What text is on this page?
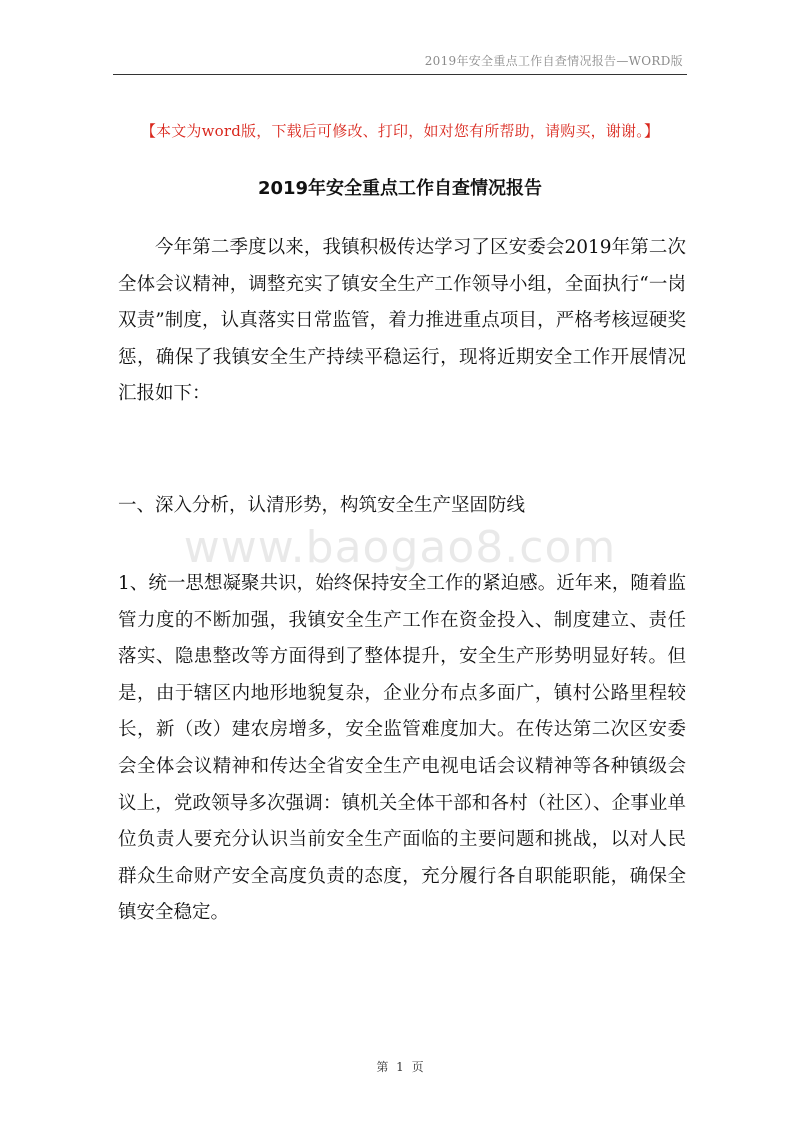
2019年安全重点工作自查情况报告—WORD版
【本文为word版，下载后可修改、打印，如对您有所帮助，请购买，谢谢。】
2019年安全重点工作自查情况报告
今年第二季度以来，我镇积极传达学习了区安委会2019年第二次全体会议精神，调整充实了镇安全生产工作领导小组，全面执行“一岗双责”制度，认真落实日常监管，着力推进重点项目，严格考核逗硬奖惩，确保了我镇安全生产持续平稳运行，现将近期安全工作开展情况汇报如下：
一、深入分析，认清形势，构筑安全生产坚固防线
www.baogao8.com
1、统一思想凝聚共识，始终保持安全工作的紧迫感。近年来，随着监管力度的不断加强，我镇安全生产工作在资金投入、制度建立、责任落实、隐患整改等方面得到了整体提升，安全生产形势明显好转。但是，由于辖区内地形地貌复杂，企业分布点多面广，镇村公路里程较长，新（改）建农房增多，安全监管难度加大。在传达第二次区安委会全体会议精神和传达全省安全生产电视电话会议精神等各种镇级会议上，党政领导多次强调：镇机关全体干部和各村（社区）、企事业单位负责人要充分认识当前安全生产面临的主要问题和挑战，以对人民群众生命财产安全高度负责的态度，充分履行各自职能职能，确保全镇安全稳定。
第 1 页
